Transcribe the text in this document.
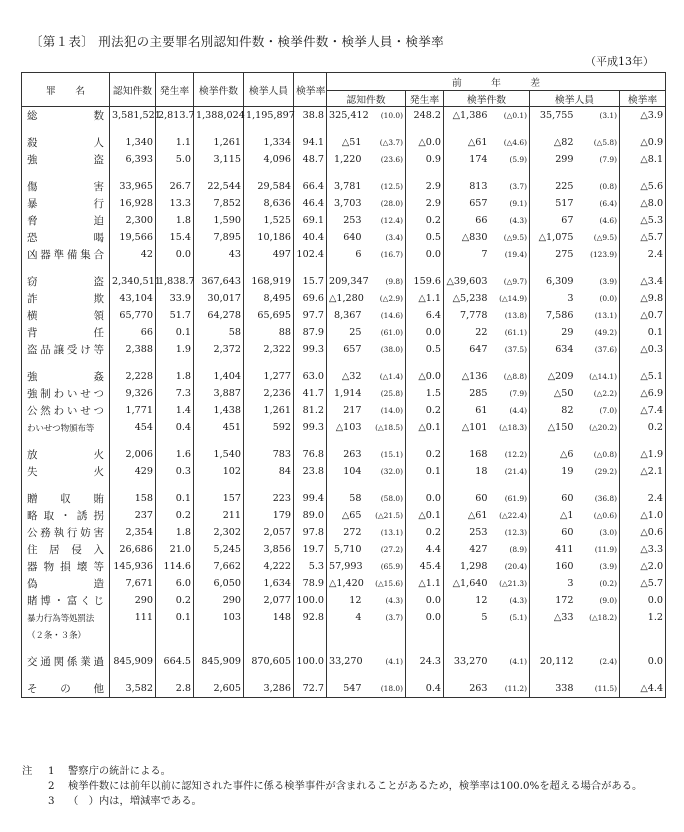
〔第１表〕 刑法犯の主要罪名別認知件数・検挙件数・検挙人員・検挙率
（平成13年）
罪　　名	認知件数	発生率	検挙件数	検挙人員	検挙率	前　　　年　　　差							
						認知件数		発生率	検挙件数		検挙人員		検挙率
総　　　数	3,581,521	2,813.7	1,388,024	1,195,897	38.8	325,412	(10.0)	248.2	△1,386	(△0.1)	35,755	(3.1)	△3.9

殺　　　人	1,340	1.1	1,261	1,334	94.1	△51	(△3.7)	△0.0	△61	(△4.6)	△82	(△5.8)	△0.9
強　　　盗	6,393	5.0	3,115	4,096	48.7	1,220	(23.6)	0.9	174	(5.9)	299	(7.9)	△8.1

傷　　　害	33,965	26.7	22,544	29,584	66.4	3,781	(12.5)	2.9	813	(3.7)	225	(0.8)	△5.6
暴　　　行	16,928	13.3	7,852	8,636	46.4	3,703	(28.0)	2.9	657	(9.1)	517	(6.4)	△8.0
脅　　　迫	2,300	1.8	1,590	1,525	69.1	253	(12.4)	0.2	66	(4.3)	67	(4.6)	△5.3
恐　　　喝	19,566	15.4	7,895	10,186	40.4	640	(3.4)	0.5	△830	(△9.5)	△1,075	(△9.5)	△5.7
凶器準備集合	42	0.0	43	497	102.4	6	(16.7)	0.0	7	(19.4)	275	(123.9)	2.4

窃　　　盗	2,340,511	1,838.7	367,643	168,919	15.7	209,347	(9.8)	159.6	△39,603	(△9.7)	6,309	(3.9)	△3.4
詐　　　欺	43,104	33.9	30,017	8,495	69.6	△1,280	(△2.9)	△1.1	△5,238	(△14.9)	3	(0.0)	△9.8
横　　　領	65,770	51.7	64,278	65,695	97.7	8,367	(14.6)	6.4	7,778	(13.8)	7,586	(13.1)	△0.7
背　　　任	66	0.1	58	88	87.9	25	(61.0)	0.0	22	(61.1)	29	(49.2)	0.1
盗品譲受け等	2,388	1.9	2,372	2,322	99.3	657	(38.0)	0.5	647	(37.5)	634	(37.6)	△0.3

強　　　姦	2,228	1.8	1,404	1,277	63.0	△32	(△1.4)	△0.0	△136	(△8.8)	△209	(△14.1)	△5.1
強制わいせつ	9,326	7.3	3,887	2,236	41.7	1,914	(25.8)	1.5	285	(7.9)	△50	(△2.2)	△6.9
公然わいせつ	1,771	1.4	1,438	1,261	81.2	217	(14.0)	0.2	61	(4.4)	82	(7.0)	△7.4
わいせつ物頒布等	454	0.4	451	592	99.3	△103	(△18.5)	△0.1	△101	(△18.3)	△150	(△20.2)	0.2

放　　　火	2,006	1.6	1,540	783	76.8	263	(15.1)	0.2	168	(12.2)	△6	(△0.8)	△1.9
失　　　火	429	0.3	102	84	23.8	104	(32.0)	0.1	18	(21.4)	19	(29.2)	△2.1

贈　収　賄	158	0.1	157	223	99.4	58	(58.0)	0.0	60	(61.9)	60	(36.8)	2.4
略取・誘拐	237	0.2	211	179	89.0	△65	(△21.5)	△0.1	△61	(△22.4)	△1	(△0.6)	△1.0
公務執行妨害	2,354	1.8	2,302	2,057	97.8	272	(13.1)	0.2	253	(12.3)	60	(3.0)	△0.6
住居侵入	26,686	21.0	5,245	3,856	19.7	5,710	(27.2)	4.4	427	(8.9)	411	(11.9)	△3.3
器物損壊等	145,936	114.6	7,662	4,222	5.3	57,993	(65.9)	45.4	1,298	(20.4)	160	(3.9)	△2.0
偽　　　造	7,671	6.0	6,050	1,634	78.9	△1,420	(△15.6)	△1.1	△1,640	(△21.3)	3	(0.2)	△5.7
賭博・富くじ	290	0.2	290	2,077	100.0	12	(4.3)	0.0	12	(4.3)	172	(9.0)	0.0
暴力行為等処罰法	111	0.1	103	148	92.8	4	(3.7)	0.0	5	(5.1)	△33	(△18.2)	1.2
（２条・３条）													

交通関係業過	845,909	664.5	845,909	870,605	100.0	33,270	(4.1)	24.3	33,270	(4.1)	20,112	(2.4)	0.0

そ　の　他	3,582	2.8	2,605	3,286	72.7	547	(18.0)	0.4	263	(11.2)	338	(11.5)	△4.4
注	1	警察庁の統計による。
2	検挙件数には前年以前に認知された事件に係る検挙事件が含まれることがあるため，検挙率は100.0%を超える場合がある。
3	（　）内は，増減率である。
